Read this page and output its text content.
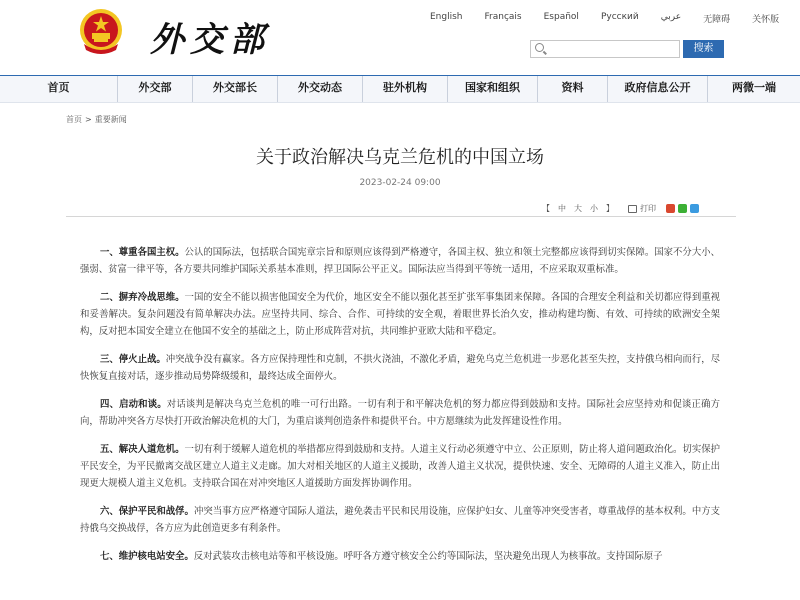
外交部
English Français Español Русский عربي 无障碍 关怀版
搜索
首页	外交部	外交部长	外交动态	驻外机构	国家和组织	资料	政府信息公开	两微一端
首页 > 重要新闻
关于政治解决乌克兰危机的中国立场
2023-02-24 09:00
【 中 大 小 】	打印

一、尊重各国主权。公认的国际法，包括联合国宪章宗旨和原则应该得到严格遵守，各国主权、独立和领土完整都应该得到切实保障。国家不分大小、强弱、贫富一律平等，各方要共同维护国际关系基本准则，捍卫国际公平正义。国际法应当得到平等统一适用，不应采取双重标准。

二、摒弃冷战思维。一国的安全不能以损害他国安全为代价，地区安全不能以强化甚至扩张军事集团来保障。各国的合理安全利益和关切都应得到重视和妥善解决。复杂问题没有简单解决办法。应坚持共同、综合、合作、可持续的安全观，着眼世界长治久安，推动构建均衡、有效、可持续的欧洲安全架构，反对把本国安全建立在他国不安全的基础之上，防止形成阵营对抗，共同维护亚欧大陆和平稳定。

三、停火止战。冲突战争没有赢家。各方应保持理性和克制，不拱火浇油，不激化矛盾，避免乌克兰危机进一步恶化甚至失控，支持俄乌相向而行，尽快恢复直接对话，逐步推动局势降级缓和，最终达成全面停火。

四、启动和谈。对话谈判是解决乌克兰危机的唯一可行出路。一切有利于和平解决危机的努力都应得到鼓励和支持。国际社会应坚持劝和促谈正确方向，帮助冲突各方尽快打开政治解决危机的大门，为重启谈判创造条件和提供平台。中方愿继续为此发挥建设性作用。

五、解决人道危机。一切有利于缓解人道危机的举措都应得到鼓励和支持。人道主义行动必须遵守中立、公正原则，防止将人道问题政治化。切实保护平民安全，为平民撤离交战区建立人道主义走廊。加大对相关地区的人道主义援助，改善人道主义状况，提供快速、安全、无障碍的人道主义准入，防止出现更大规模人道主义危机。支持联合国在对冲突地区人道援助方面发挥协调作用。

六、保护平民和战俘。冲突当事方应严格遵守国际人道法，避免袭击平民和民用设施，应保护妇女、儿童等冲突受害者，尊重战俘的基本权利。中方支持俄乌交换战俘，各方应为此创造更多有利条件。

七、维护核电站安全。反对武装攻击核电站等和平核设施。呼吁各方遵守核安全公约等国际法，坚决避免出现人为核事故。支持国际原子
